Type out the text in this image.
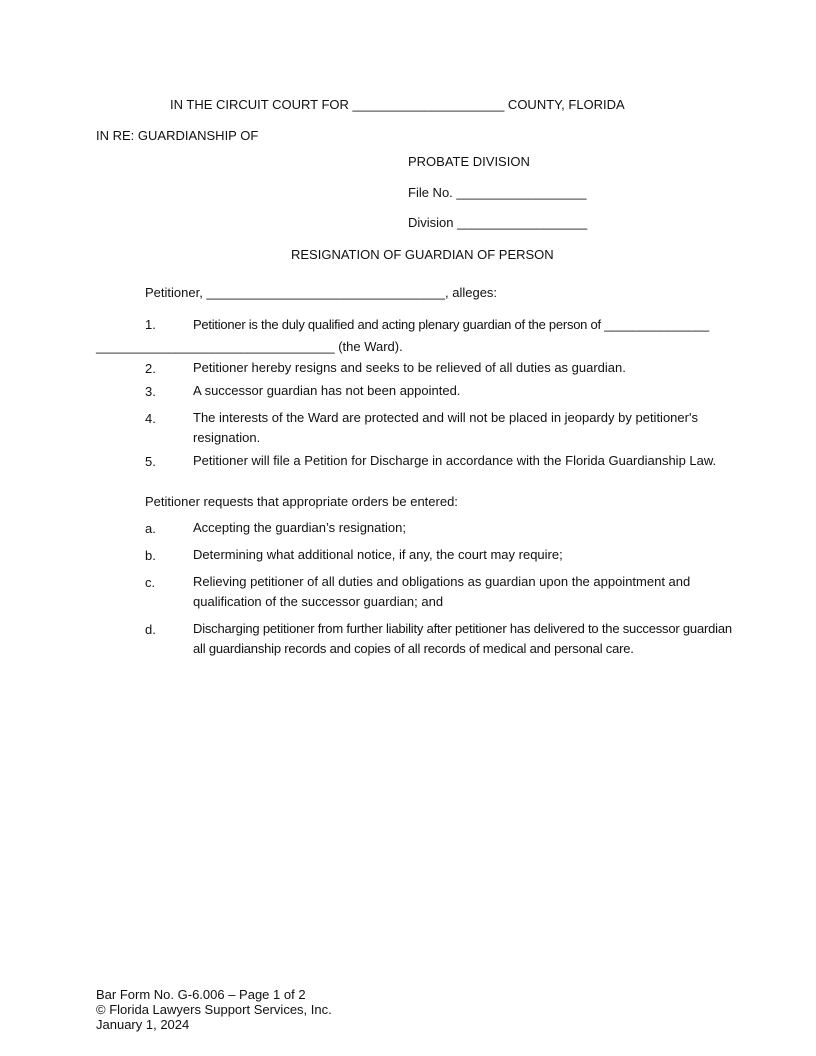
IN THE CIRCUIT COURT FOR _____________________ COUNTY, FLORIDA
IN RE: GUARDIANSHIP OF
PROBATE DIVISION
File No. __________________
Division __________________
RESIGNATION OF GUARDIAN OF PERSON
Petitioner, _________________________________, alleges:
1.	Petitioner is the duly qualified and acting plenary guardian of the person of _______________
_________________________________ (the Ward).
2.	Petitioner hereby resigns and seeks to be relieved of all duties as guardian.
3.	A successor guardian has not been appointed.
4.	The interests of the Ward are protected and will not be placed in jeopardy by petitioner's resignation.
5.	Petitioner will file a Petition for Discharge in accordance with the Florida Guardianship Law.
Petitioner requests that appropriate orders be entered:
a.	Accepting the guardian’s resignation;
b.	Determining what additional notice, if any, the court may require;
c.	Relieving petitioner of all duties and obligations as guardian upon the appointment and qualification of the successor guardian; and
d.	Discharging petitioner from further liability after petitioner has delivered to the successor guardian all guardianship records and copies of all records of medical and personal care.
Bar Form No. G-6.006 – Page 1 of 2
© Florida Lawyers Support Services, Inc.
January 1, 2024
